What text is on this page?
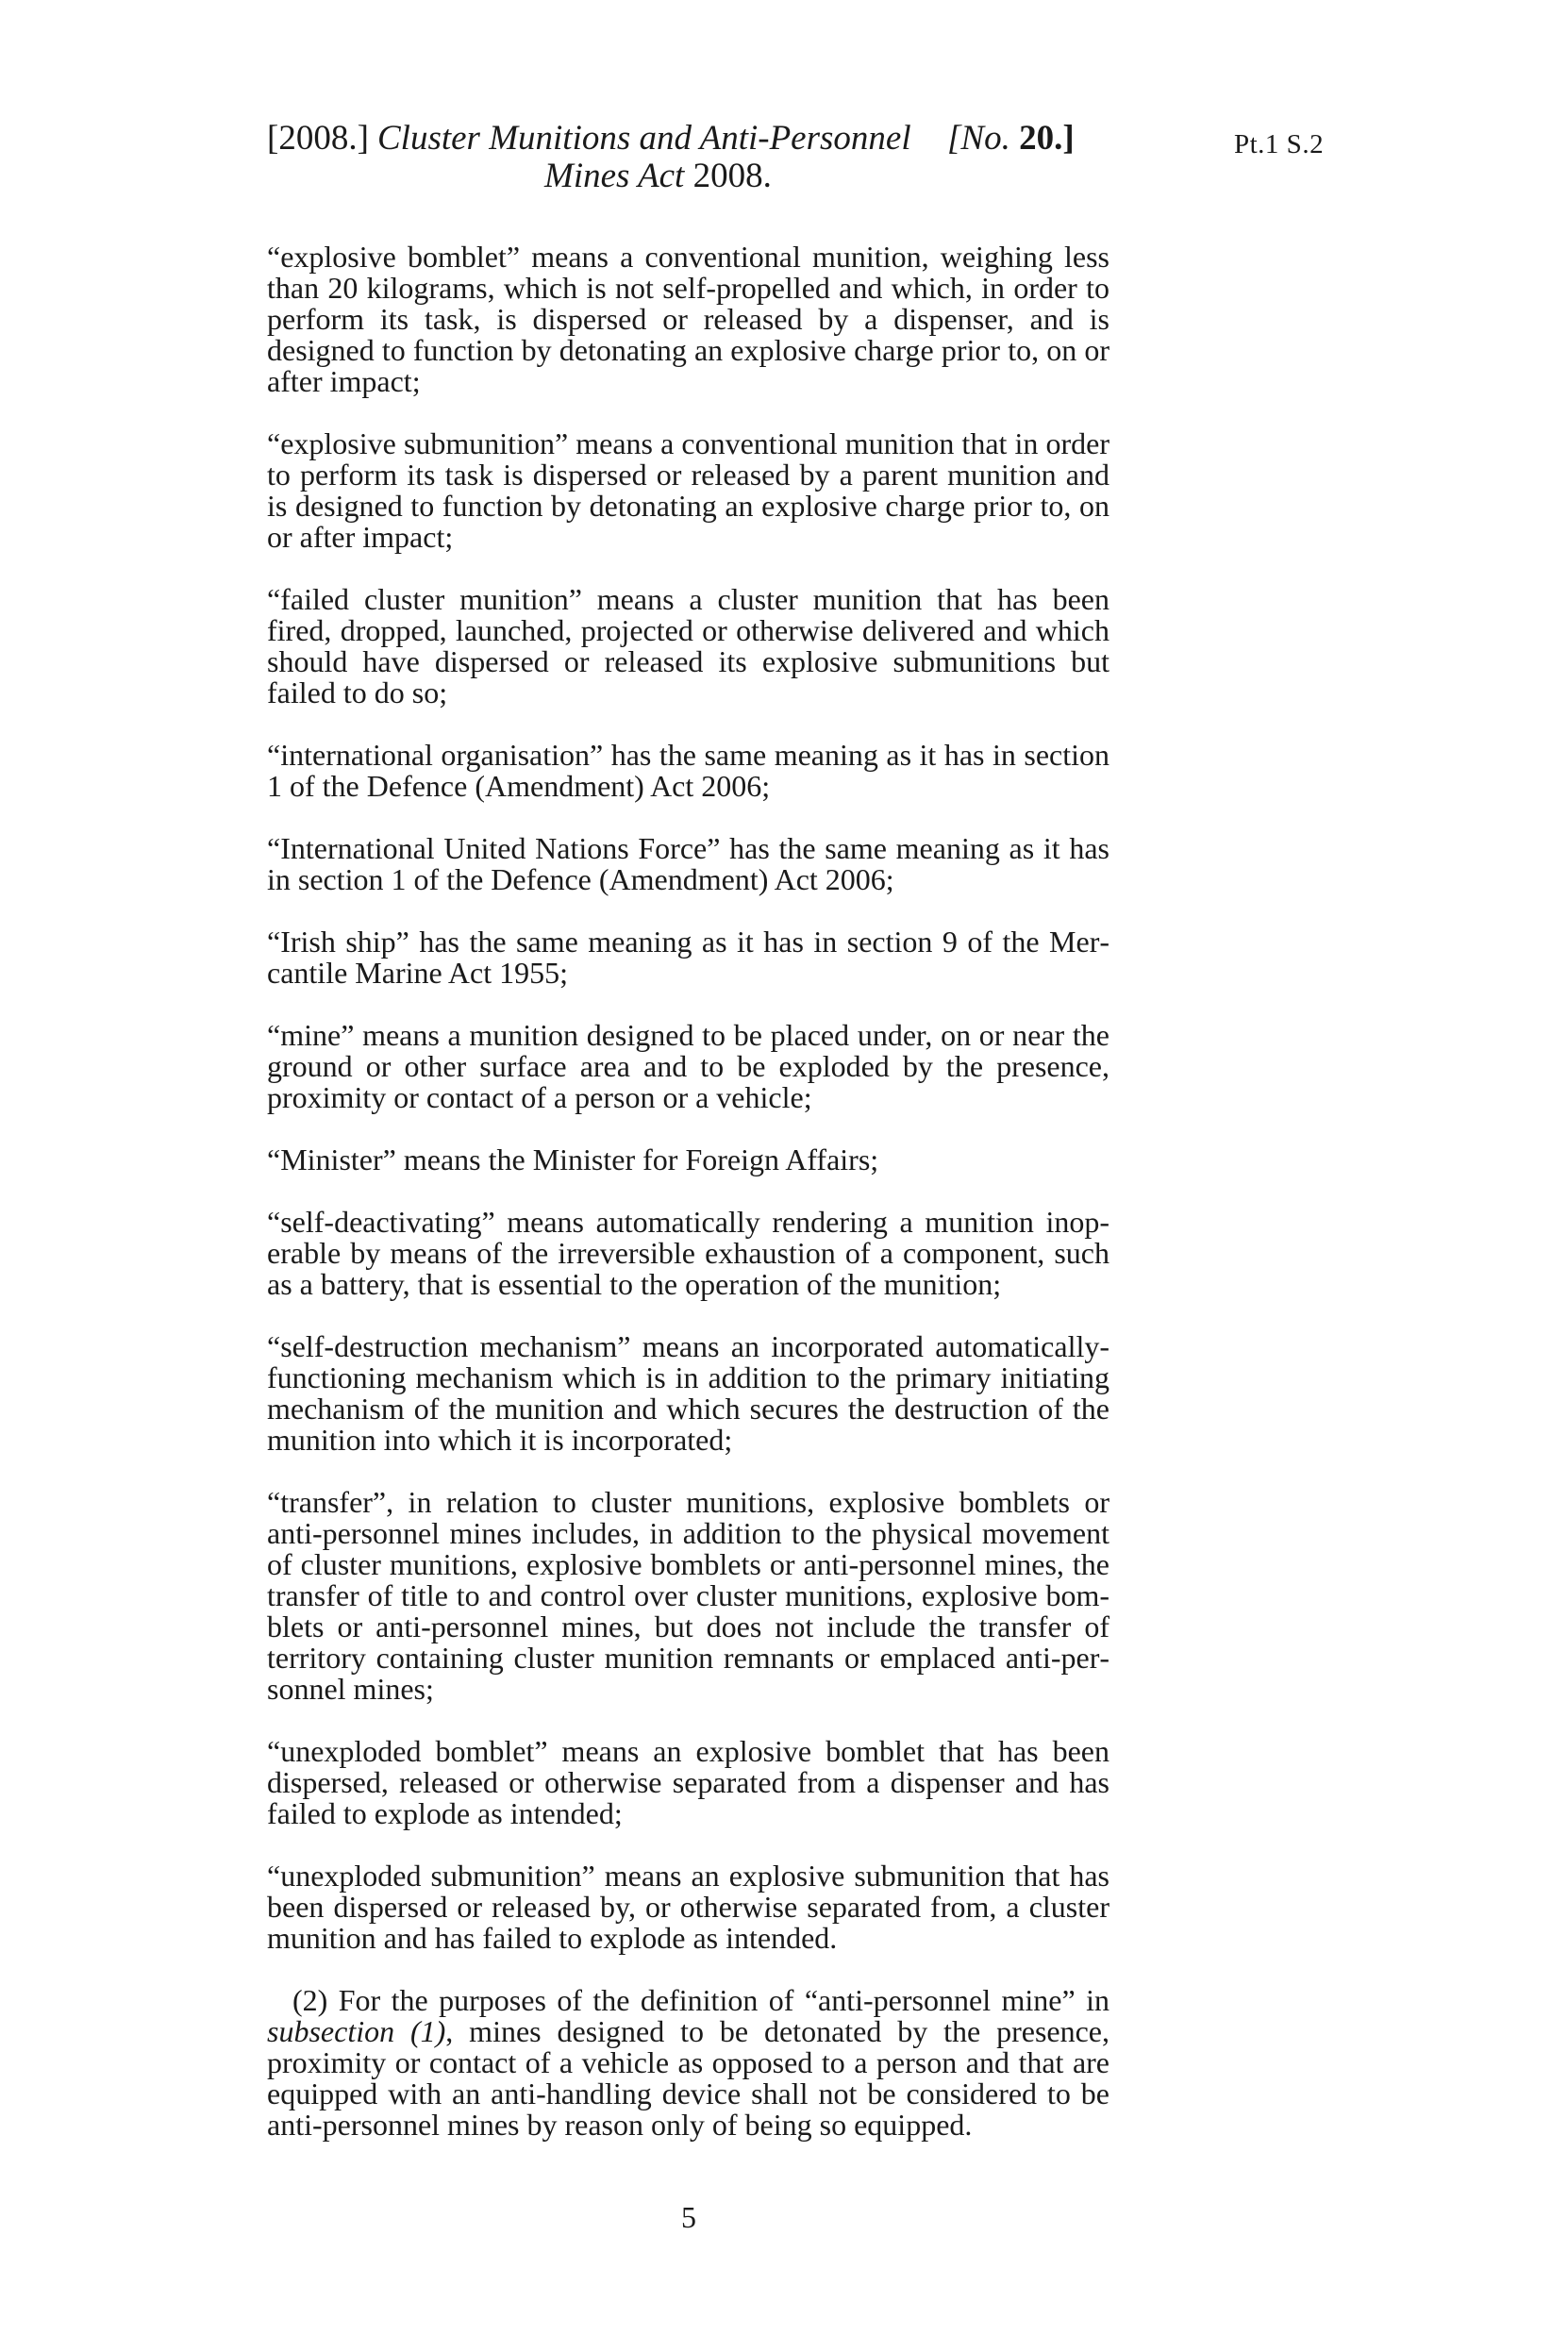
[2008.] Cluster Munitions and Anti-Personnel [No. 20.]
Mines Act 2008.
Pt.1 S.2

“explosive bomblet” means a conventional munition, weighing less than 20 kilograms, which is not self-propelled and which, in order to perform its task, is dispersed or released by a dispenser, and is designed to function by detonating an explosive charge prior to, on or after impact;

“explosive submunition” means a conventional munition that in order to perform its task is dispersed or released by a parent munition and is designed to function by detonating an explosive charge prior to, on or after impact;

“failed cluster munition” means a cluster munition that has been fired, dropped, launched, projected or otherwise delivered and which should have dispersed or released its explosive submunitions but failed to do so;

“international organisation” has the same meaning as it has in section 1 of the Defence (Amendment) Act 2006;

“International United Nations Force” has the same meaning as it has in section 1 of the Defence (Amendment) Act 2006;

“Irish ship” has the same meaning as it has in section 9 of the Mercantile Marine Act 1955;

“mine” means a munition designed to be placed under, on or near the ground or other surface area and to be exploded by the presence, proximity or contact of a person or a vehicle;

“Minister” means the Minister for Foreign Affairs;

“self-deactivating” means automatically rendering a munition inoperable by means of the irreversible exhaustion of a component, such as a battery, that is essential to the operation of the munition;

“self-destruction mechanism” means an incorporated automatically-functioning mechanism which is in addition to the primary initiating mechanism of the munition and which secures the destruction of the munition into which it is incorporated;

“transfer”, in relation to cluster munitions, explosive bomblets or anti-personnel mines includes, in addition to the physical movement of cluster munitions, explosive bomblets or anti-personnel mines, the transfer of title to and control over cluster munitions, explosive bomblets or anti-personnel mines, but does not include the transfer of territory containing cluster munition remnants or emplaced anti-personnel mines;

“unexploded bomblet” means an explosive bomblet that has been dispersed, released or otherwise separated from a dispenser and has failed to explode as intended;

“unexploded submunition” means an explosive submunition that has been dispersed or released by, or otherwise separated from, a cluster munition and has failed to explode as intended.

(2) For the purposes of the definition of “anti-personnel mine” in subsection (1), mines designed to be detonated by the presence, proximity or contact of a vehicle as opposed to a person and that are equipped with an anti-handling device shall not be considered to be anti-personnel mines by reason only of being so equipped.

5
